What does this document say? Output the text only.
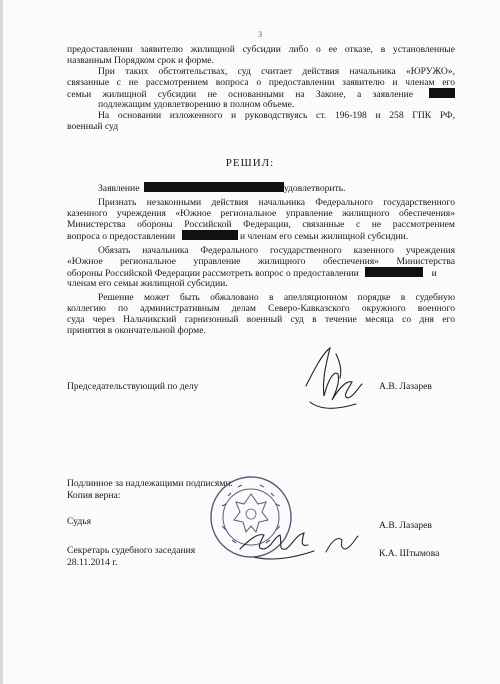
3
предоставлении заявителю жилищной субсидии либо о ее отказе, в установленные
названным Порядком срок и форме.
При таких обстоятельствах, суд считает действия начальника «ЮРУЖО»,
связанные с не рассмотрением вопроса о предоставлении заявителю и членам его
семьи жилищной субсидии не основанными на Законе, а заявление
подлежащим удовлетворению в полном объеме.
На основании изложенного и руководствуясь ст. 196-198 и 258 ГПК РФ,
военный суд
РЕШИЛ:
Заявление	удовлетворить.
Признать незаконными действия начальника Федерального государственного
казенного учреждения «Южное региональное управление жилищного обеспечения»
Министерства обороны Российской Федерации, связанные с не рассмотрением
вопроса о предоставлении	и членам его семьи жилищной субсидии.
Обязать начальника Федерального государственного казенного учреждения
«Южное региональное управление жилищного обеспечения» Министерства
обороны Российской Федерации рассмотреть вопрос о предоставлении	и
членам его семьи жилищной субсидии.
Решение может быть обжаловано в апелляционном порядке в судебную
коллегию по административным делам Северо-Кавказского окружного военного
суда через Нальчикский гарнизонный военный суд в течение месяца со дня его
принятия в окончательной форме.
Председательствующий по делу	А.В. Лазарев
Подлинное за надлежащими подписями.
Копия верна:
Судья	А.В. Лазарев
Секретарь судебного заседания	К.А. Штымова
28.11.2014 г.
